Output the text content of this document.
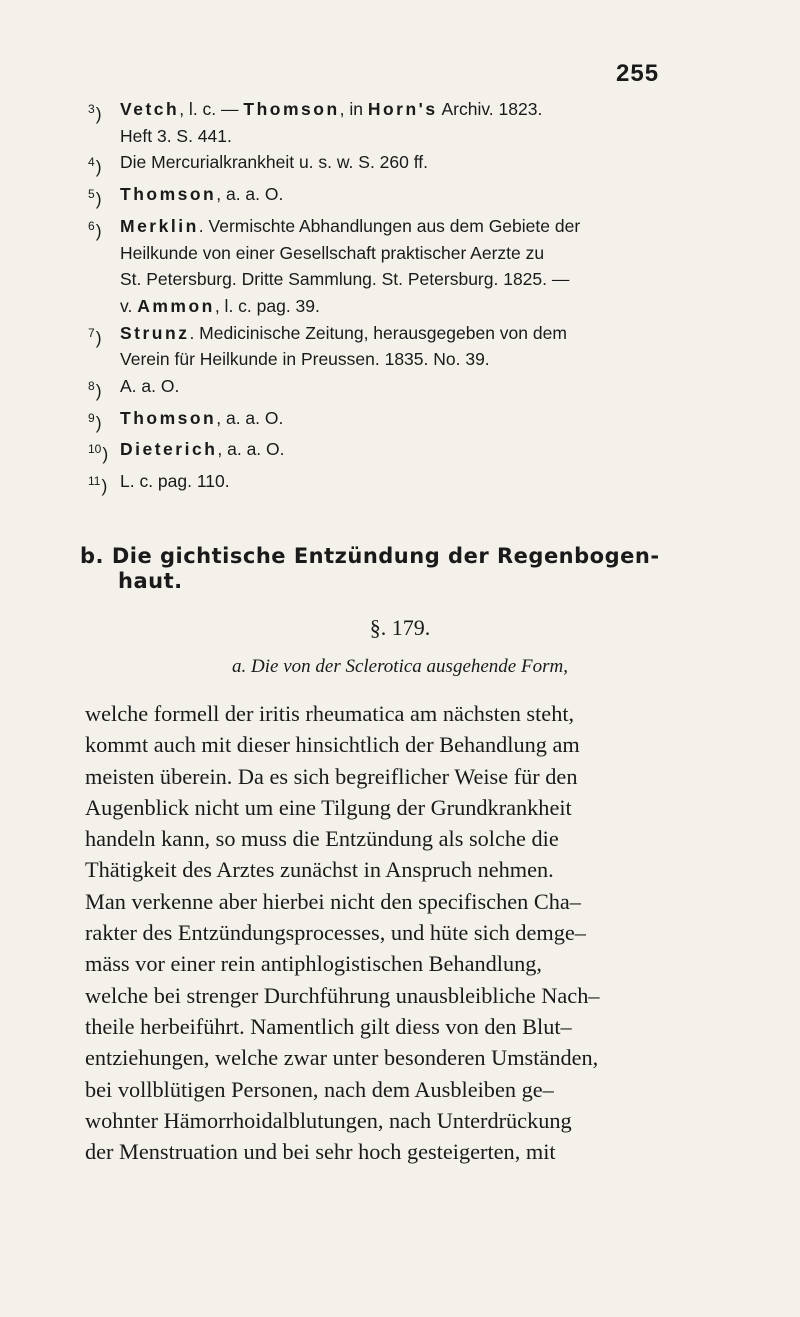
255
$^3$)	Vetch, l. c. — Thomson, in Horn's Archiv. 1823.
Heft 3. S. 441.
$^4$)	Die Mercurialkrankheit u. s. w. S. 260 ff.
$^5$)	Thomson, a. a. O.
$^6$)	Merklin. Vermischte Abhandlungen aus dem Gebiete der
Heilkunde von einer Gesellschaft praktischer Aerzte zu
St. Petersburg. Dritte Sammlung. St. Petersburg. 1825. —
v. Ammon, l. c. pag. 39.
$^7$)	Strunz. Medicinische Zeitung, herausgegeben von dem
Verein für Heilkunde in Preussen. 1835. No. 39.
$^8$)	A. a. O.
$^9$)	Thomson, a. a. O.
$^{10}$) Dieterich, a. a. O.
$^{11}$) L. c. pag. 110.
b. Die gichtische Entzündung der Regenbogen-
haut.
§. 179.
a. Die von der Sclerotica ausgehende Form,
welche formell der iritis rheumatica am nächsten steht,
kommt auch mit dieser hinsichtlich der Behandlung am
meisten überein. Da es sich begreiflicher Weise für den
Augenblick nicht um eine Tilgung der Grundkrankheit
handeln kann, so muss die Entzündung als solche die
Thätigkeit des Arztes zunächst in Anspruch nehmen.
Man verkenne aber hierbei nicht den specifischen Cha–
rakter des Entzündungsprocesses, und hüte sich demge–
mäss vor einer rein antiphlogistischen Behandlung,
welche bei strenger Durchführung unausbleibliche Nach–
theile herbeiführt. Namentlich gilt diess von den Blut–
entziehungen, welche zwar unter besonderen Umständen,
bei vollblütigen Personen, nach dem Ausbleiben ge–
wohnter Hämorrhoidalblutungen, nach Unterdrückung
der Menstruation und bei sehr hoch gesteigerten, mit
